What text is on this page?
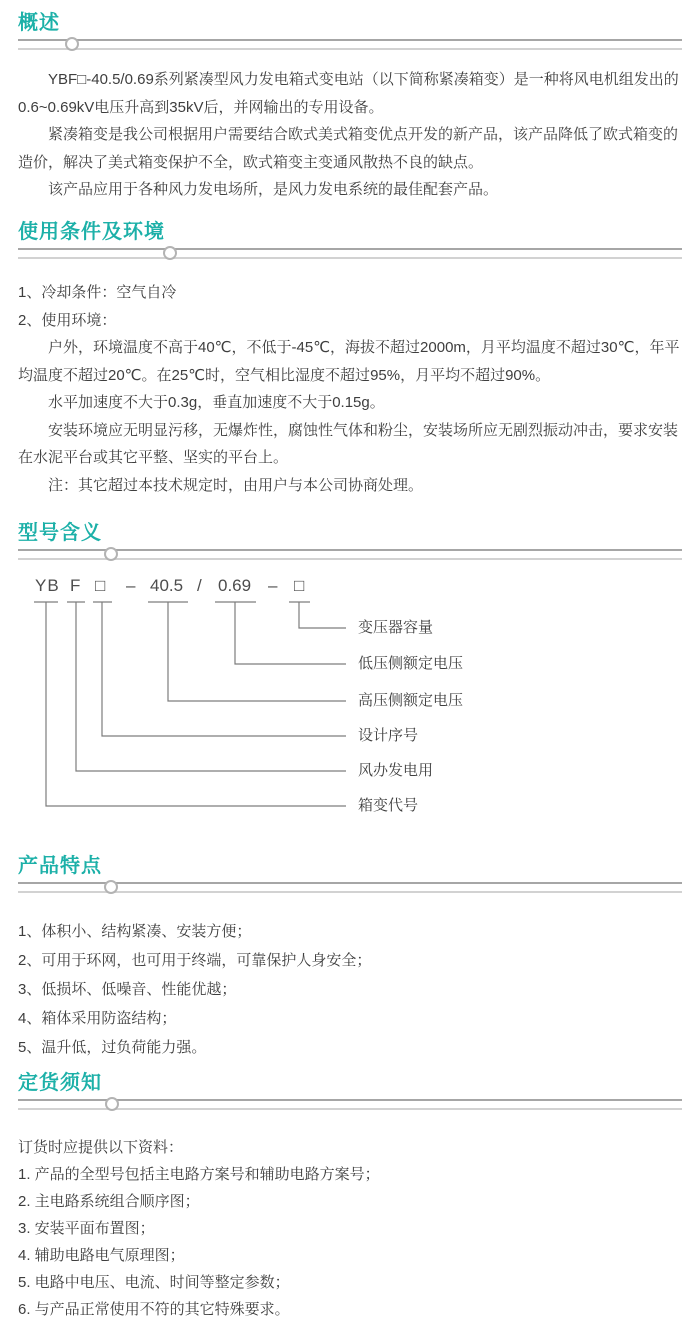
概述

YBF□-40.5/0.69系列紧凑型风力发电箱式变电站（以下简称紧凑箱变）是一种将风电机组发出的0.6~0.69kV电压升高到35kV后，并网输出的专用设备。

紧凑箱变是我公司根据用户需要结合欧式美式箱变优点开发的新产品，该产品降低了欧式箱变的造价，解决了美式箱变保护不全，欧式箱变主变通风散热不良的缺点。

该产品应用于各种风力发电场所，是风力发电系统的最佳配套产品。

使用条件及环境

1、冷却条件：空气自冷

2、使用环境：

户外，环境温度不高于40℃，不低于-45℃，海拔不超过2000m，月平均温度不超过30℃，年平均温度不超过20℃。在25℃时，空气相比湿度不超过95%，月平均不超过90%。

水平加速度不大于0.3g，垂直加速度不大于0.15g。

安装环境应无明显污移，无爆炸性，腐蚀性气体和粉尘，安装场所应无剧烈振动冲击，要求安装在水泥平台或其它平整、坚实的平台上。

注：其它超过本技术规定时，由用户与本公司协商处理。

型号含义
YB F □ – 40.5 / 0.69 – □
变压器容量
低压侧额定电压
高压侧额定电压
设计序号
风办发电用
箱变代号
产品特点
1、体积小、结构紧凑、安装方便；
2、可用于环网，也可用于终端，可靠保护人身安全；
3、低损坏、低噪音、性能优越；
4、箱体采用防盗结构；
5、温升低，过负荷能力强。
定货须知
订货时应提供以下资料：
1. 产品的全型号包括主电路方案号和辅助电路方案号；
2. 主电路系统组合顺序图；
3. 安装平面布置图；
4. 辅助电路电气原理图；
5. 电路中电压、电流、时间等整定参数；
6. 与产品正常使用不符的其它特殊要求。
